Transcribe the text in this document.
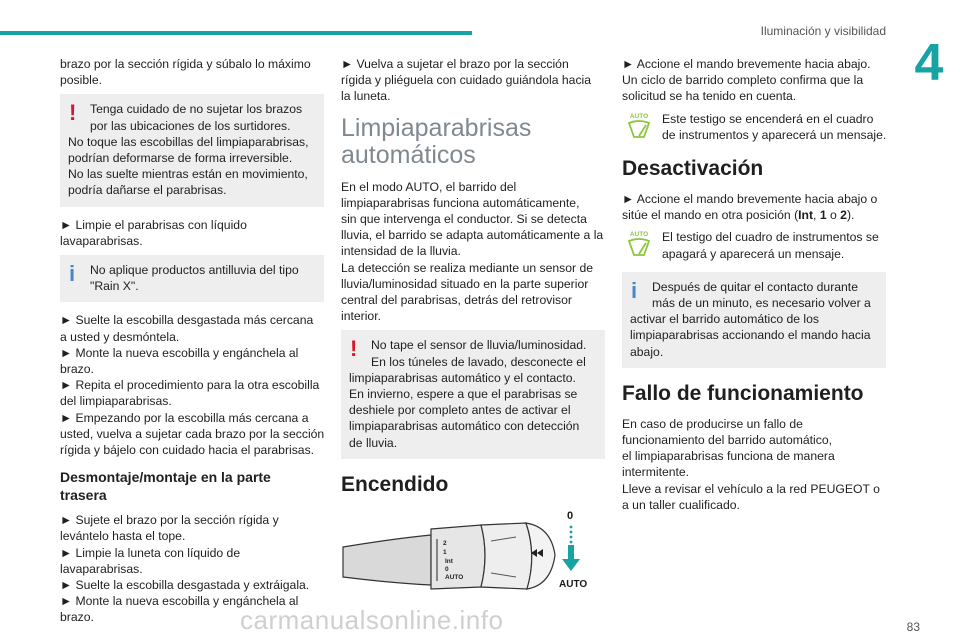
Iluminación y visibilidad
4
brazo por la sección rígida y súbalo lo máximo
posible.
!	Tenga cuidado de no sujetar los brazos
por las ubicaciones de los surtidores.
No toque las escobillas del limpiaparabrisas,
podrían deformarse de forma irreversible.
No las suelte mientras están en movimiento,
podría dañarse el parabrisas.
► Limpie el parabrisas con líquido
lavaparabrisas.
i	No aplique productos antilluvia del tipo
"Rain X".
► Suelte la escobilla desgastada más cercana
a usted y desmóntela.
► Monte la nueva escobilla y engánchela al
brazo.
► Repita el procedimiento para la otra escobilla
del limpiaparabrisas.
► Empezando por la escobilla más cercana a
usted, vuelva a sujetar cada brazo por la sección
rígida y bájelo con cuidado hacia el parabrisas.
Desmontaje/montaje en la parte
trasera
► Sujete el brazo por la sección rígida y
levántelo hasta el tope.
► Limpie la luneta con líquido de
lavaparabrisas.
► Suelte la escobilla desgastada y extráigala.
► Monte la nueva escobilla y engánchela al
brazo.
► Vuelva a sujetar el brazo por la sección
rígida y pliéguela con cuidado guiándola hacia
la luneta.
Limpiaparabrisas
automáticos
En el modo AUTO, el barrido del
limpiaparabrisas funciona automáticamente,
sin que intervenga el conductor. Si se detecta
lluvia, el barrido se adapta automáticamente a la
intensidad de la lluvia.
La detección se realiza mediante un sensor de
lluvia/luminosidad situado en la parte superior
central del parabrisas, detrás del retrovisor
interior.
!	No tape el sensor de lluvia/luminosidad.
En los túneles de lavado, desconecte el
limpiaparabrisas automático y el contacto.
En invierno, espere a que el parabrisas se
deshiele por completo antes de activar el
limpiaparabrisas automático con detección
de lluvia.
Encendido
2
1
Int
0
AUTO
0
AUTO
► Accione el mando brevemente hacia abajo.
Un ciclo de barrido completo confirma que la
solicitud se ha tenido en cuenta.
AUTO Este testigo se encenderá en el cuadro
de instrumentos y aparecerá un mensaje.
Desactivación
► Accione el mando brevemente hacia abajo o
sitúe el mando en otra posición (Int, 1 o 2).
AUTO El testigo del cuadro de instrumentos se
apagará y aparecerá un mensaje.
i	Después de quitar el contacto durante
más de un minuto, es necesario volver a
activar el barrido automático de los
limpiaparabrisas accionando el mando hacia
abajo.
Fallo de funcionamiento
En caso de producirse un fallo de
funcionamiento del barrido automático,
el limpiaparabrisas funciona de manera
intermitente.
Lleve a revisar el vehículo a la red PEUGEOT o
a un taller cualificado.
carmanualsonline.info	83
